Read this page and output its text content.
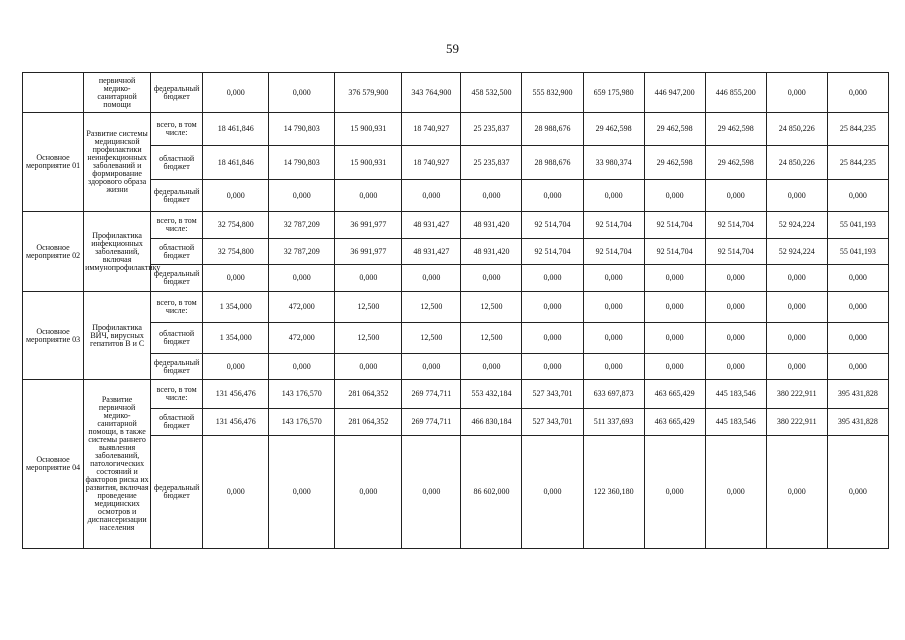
59
	первичной медико-санитарной помощи	федеральный бюджет	0,000	0,000	376 579,900	343 764,900	458 532,500	555 832,900	659 175,980	446 947,200	446 855,200	0,000	0,000
Основное мероприятие 01	Развитие системы медицинской профилактики неинфекционных заболеваний и формирование здорового образа жизни	всего, в том числе:	18 461,846	14 790,803	15 900,931	18 740,927	25 235,837	28 988,676	29 462,598	29 462,598	29 462,598	24 850,226	25 844,235
		областной бюджет	18 461,846	14 790,803	15 900,931	18 740,927	25 235,837	28 988,676	33 980,374	29 462,598	29 462,598	24 850,226	25 844,235
		федеральный бюджет	0,000	0,000	0,000	0,000	0,000	0,000	0,000	0,000	0,000	0,000	0,000
Основное мероприятие 02	Профилактика инфекционных заболеваний, включая иммунопрофилактику	всего, в том числе:	32 754,800	32 787,209	36 991,977	48 931,427	48 931,420	92 514,704	92 514,704	92 514,704	92 514,704	52 924,224	55 041,193
		областной бюджет	32 754,800	32 787,209	36 991,977	48 931,427	48 931,420	92 514,704	92 514,704	92 514,704	92 514,704	52 924,224	55 041,193
		федеральный бюджет	0,000	0,000	0,000	0,000	0,000	0,000	0,000	0,000	0,000	0,000	0,000
Основное мероприятие 03	Профилактика ВИЧ, вирусных гепатитов B и C	всего, в том числе:	1 354,000	472,000	12,500	12,500	12,500	0,000	0,000	0,000	0,000	0,000	0,000
		областной бюджет	1 354,000	472,000	12,500	12,500	12,500	0,000	0,000	0,000	0,000	0,000	0,000
		федеральный бюджет	0,000	0,000	0,000	0,000	0,000	0,000	0,000	0,000	0,000	0,000	0,000
Основное мероприятие 04	Развитие первичной медико-санитарной помощи, в также системы раннего выявления заболеваний, патологических состояний и факторов риска их развития, включая проведение медицинских осмотров и диспансеризации населения	всего, в том числе:	131 456,476	143 176,570	281 064,352	269 774,711	553 432,184	527 343,701	633 697,873	463 665,429	445 183,546	380 222,911	395 431,828
		областной бюджет	131 456,476	143 176,570	281 064,352	269 774,711	466 830,184	527 343,701	511 337,693	463 665,429	445 183,546	380 222,911	395 431,828
		федеральный бюджет	0,000	0,000	0,000	0,000	86 602,000	0,000	122 360,180	0,000	0,000	0,000	0,000
